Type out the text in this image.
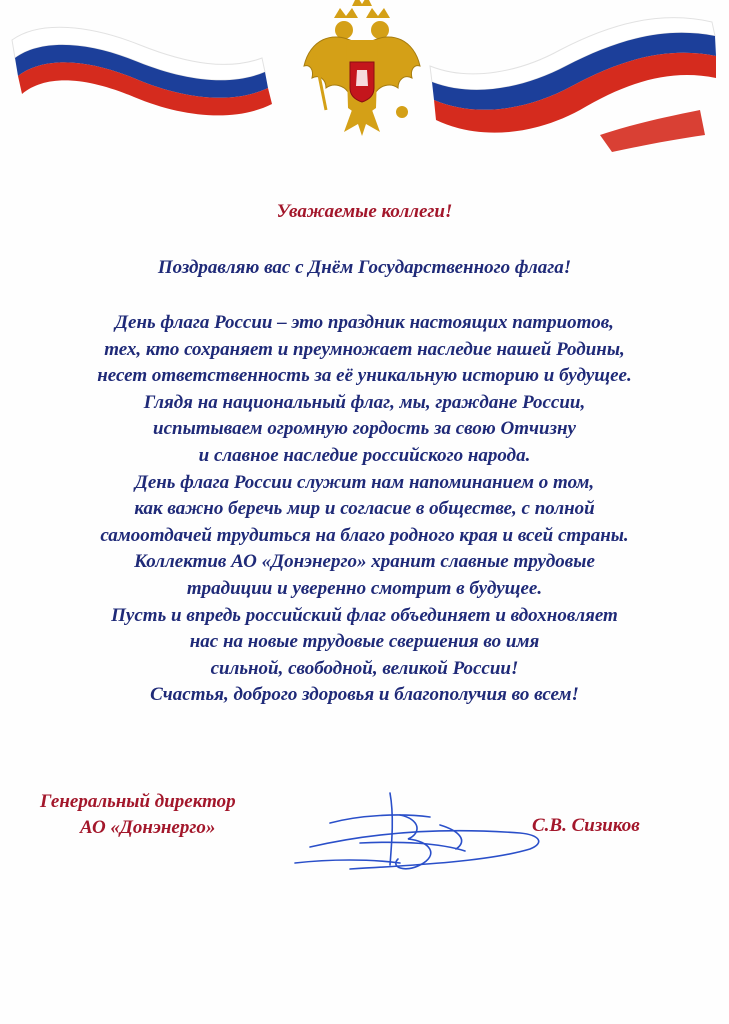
Уважаемые коллеги!
Поздравляю вас с Днём Государственного флага!
День флага России – это праздник настоящих патриотов,
тех, кто сохраняет и преумножает наследие нашей Родины,
несет ответственность за её уникальную историю и будущее.
Глядя на национальный флаг, мы, граждане России,
испытываем огромную гордость за свою Отчизну
и славное наследие российского народа.
День флага России служит нам напоминанием о том,
как важно беречь мир и согласие в обществе, с полной
самоотдачей трудиться на благо родного края и всей страны.
Коллектив АО «Донэнерго» хранит славные трудовые
традиции и уверенно смотрит в будущее.
Пусть и впредь российский флаг объединяет и вдохновляет
нас на новые трудовые свершения во имя
сильной, свободной, великой России!
Счастья, доброго здоровья и благополучия во всем!
Генеральный директор
АО «Донэнерго»	С.В. Сизиков
